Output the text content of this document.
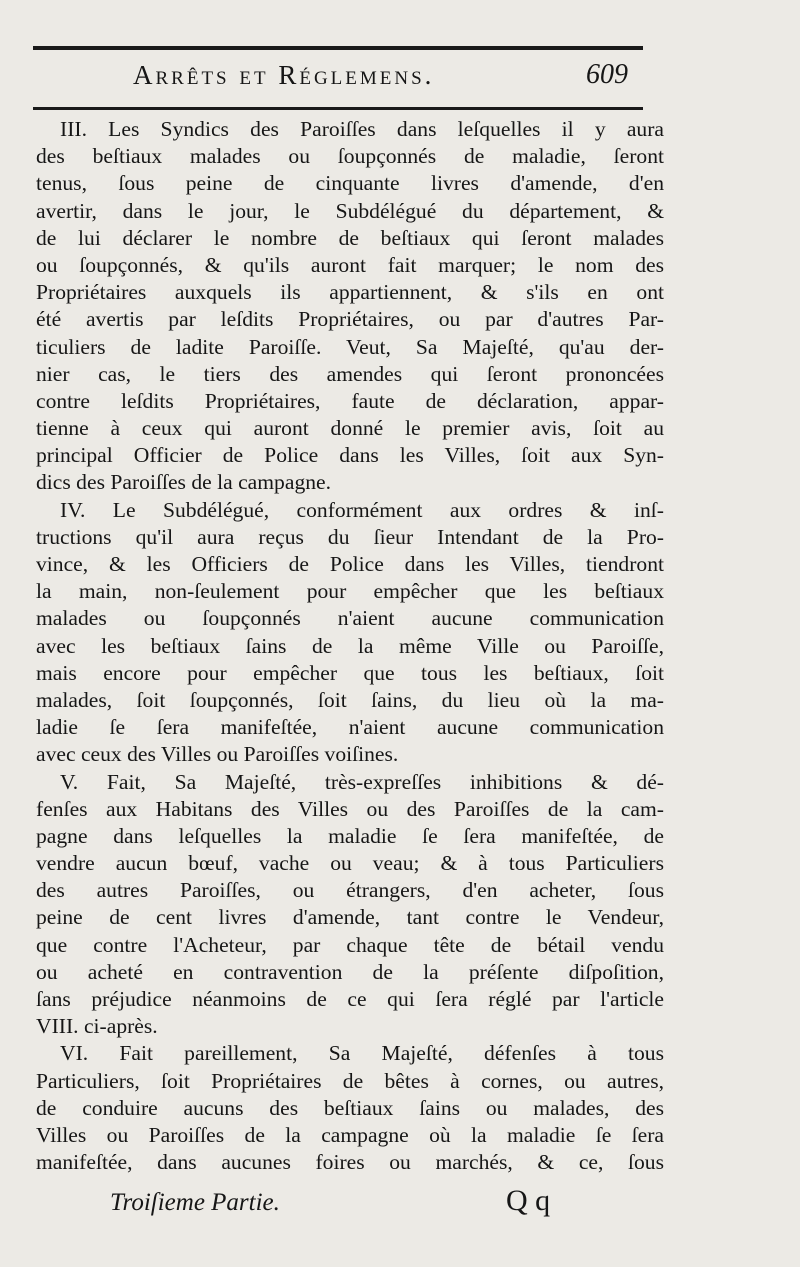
Arrêts et Réglemens.	609
III. Les Syndics des Paroiſſes dans leſquelles il y aura
des beſtiaux malades ou ſoupçonnés de maladie, ſeront
tenus, ſous peine de cinquante livres d'amende, d'en
avertir, dans le jour, le Subdélégué du département, &
de lui déclarer le nombre de beſtiaux qui ſeront malades
ou ſoupçonnés, & qu'ils auront fait marquer; le nom des
Propriétaires auxquels ils appartiennent, & s'ils en ont
été avertis par leſdits Propriétaires, ou par d'autres Par-
ticuliers de ladite Paroiſſe. Veut, Sa Majeſté, qu'au der-
nier cas, le tiers des amendes qui ſeront prononcées
contre leſdits Propriétaires, faute de déclaration, appar-
tienne à ceux qui auront donné le premier avis, ſoit au
principal Officier de Police dans les Villes, ſoit aux Syn-
dics des Paroiſſes de la campagne.
IV. Le Subdélégué, conformément aux ordres & inſ-
tructions qu'il aura reçus du ſieur Intendant de la Pro-
vince, & les Officiers de Police dans les Villes, tiendront
la main, non-ſeulement pour empêcher que les beſtiaux
malades ou ſoupçonnés n'aient aucune communication
avec les beſtiaux ſains de la même Ville ou Paroiſſe,
mais encore pour empêcher que tous les beſtiaux, ſoit
malades, ſoit ſoupçonnés, ſoit ſains, du lieu où la ma-
ladie ſe ſera manifeſtée, n'aient aucune communication
avec ceux des Villes ou Paroiſſes voiſines.
V. Fait, Sa Majeſté, très-expreſſes inhibitions & dé-
fenſes aux Habitans des Villes ou des Paroiſſes de la cam-
pagne dans leſquelles la maladie ſe ſera manifeſtée, de
vendre aucun bœuf, vache ou veau; & à tous Particuliers
des autres Paroiſſes, ou étrangers, d'en acheter, ſous
peine de cent livres d'amende, tant contre le Vendeur,
que contre l'Acheteur, par chaque tête de bétail vendu
ou acheté en contravention de la préſente diſpoſition,
ſans préjudice néanmoins de ce qui ſera réglé par l'article
VIII. ci-après.
VI. Fait pareillement, Sa Majeſté, défenſes à tous
Particuliers, ſoit Propriétaires de bêtes à cornes, ou autres,
de conduire aucuns des beſtiaux ſains ou malades, des
Villes ou Paroiſſes de la campagne où la maladie ſe ſera
manifeſtée, dans aucunes foires ou marchés, & ce, ſous
Troiſieme Partie.	Q q
